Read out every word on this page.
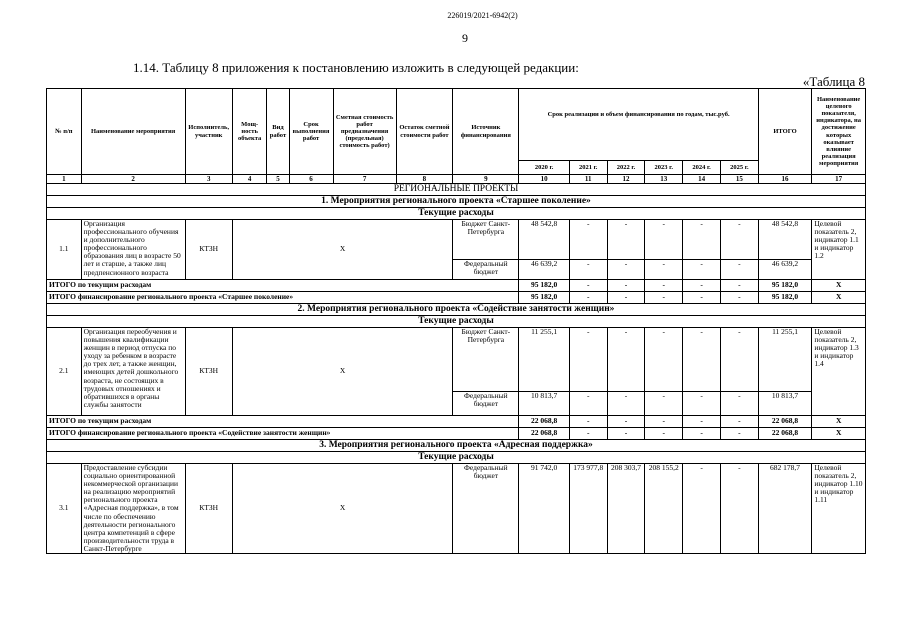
226019/2021-6942(2)
9
1.14. Таблицу 8 приложения к постановлению изложить в следующей редакции:
«Таблица 8
№ п/п	Наименование мероприятия	Исполнитель, участник	Мощ- ность объекта	Вид работ	Срок выполнения работ	Сметная стоимость работ предназначения (предельная) стоимость работ)	Остаток сметной стоимости работ	Источник финансирования	Срок реализации и объем финансирования по годам, тыс.руб.						ИТОГО	Наименование целевого показателя, индикатора, на достижение которых оказывает влияние реализация мероприятия
									2020 г.	2021 г.	2022 г.	2023 г.	2024 г.	2025 г.		
1	2	3	4	5	6	7	8	9	10	11	12	13	14	15	16	17
РЕГИОНАЛЬНЫЕ ПРОЕКТЫ																
1. Мероприятия регионального проекта «Старшее поколение»																
Текущие расходы																
1.1	Организация профессионального обучения и дополнительного профессионального образования лиц в возрасте 50 лет и старше, а также лиц предпенсионного возраста	КТЗН	Х					Бюджет Санкт-Петербурга	48 542,8	-	-	-	-	-	48 542,8	Целевой показатель 2, индикатор 1.1 и индикатор 1.2
								Федеральный бюджет	46 639,2	-	-	-	-	-	46 639,2	
ИТОГО по текущим расходам									95 182,0	-	-	-	-	-	95 182,0	Х
ИТОГО финансирование регионального проекта «Старшее поколение»									95 182,0	-	-	-	-	-	95 182,0	Х
2. Мероприятия регионального проекта «Содействие занятости женщин»																
Текущие расходы																
2.1	Организация переобучения и повышения квалификации женщин в период отпуска по уходу за ребенком в возрасте до трех лет, а также женщин, имеющих детей дошкольного возраста, не состоящих в трудовых отношениях и обратившихся в органы службы занятости	КТЗН	Х					Бюджет Санкт-Петербурга	11 255,1	-	-	-	-	-	11 255,1	Целевой показатель 2, индикатор 1.3 и индикатор 1.4
								Федеральный бюджет	10 813,7	-	-	-	-	-	10 813,7	
ИТОГО по текущим расходам									22 068,8	-	-	-	-	-	22 068,8	Х
ИТОГО финансирование регионального проекта «Содействие занятости женщин»									22 068,8	-	-	-	-	-	22 068,8	Х
3. Мероприятия регионального проекта «Адресная поддержка»																
Текущие расходы																
3.1	Предоставление субсидии социально ориентированной некоммерческой организации на реализацию мероприятий регионального проекта «Адресная поддержка», в том числе по обеспечению деятельности регионального центра компетенций в сфере производительности труда в Санкт-Петербурге	КТЗН	Х					Федеральный бюджет	91 742,0	173 977,8	208 303,7	208 155,2	-	-	682 178,7	Целевой показатель 2, индикатор 1.10 и индикатор 1.11
